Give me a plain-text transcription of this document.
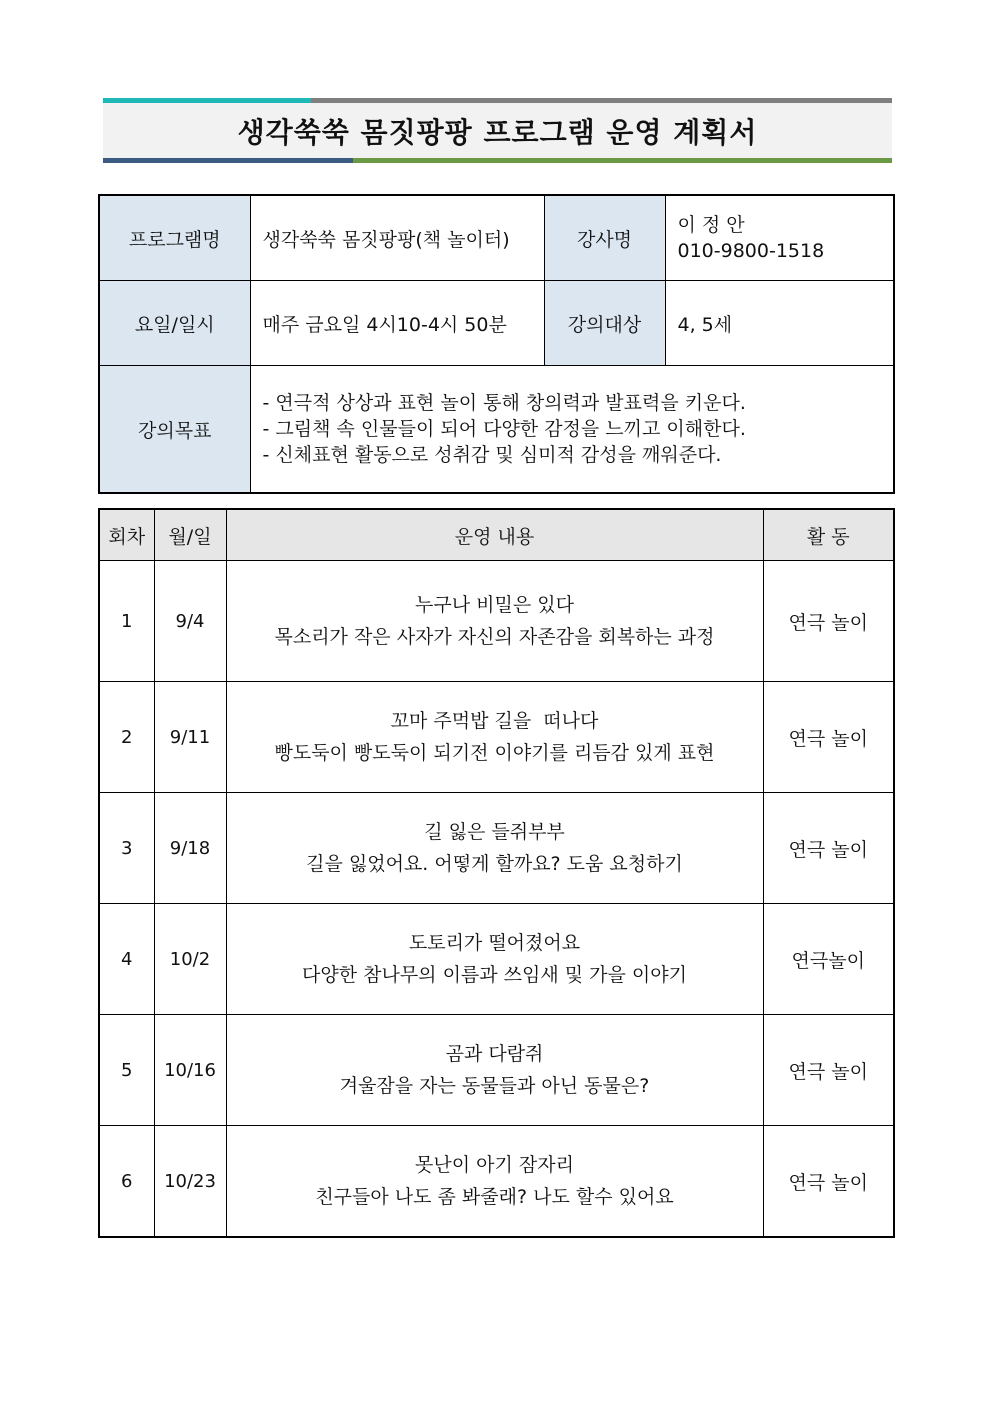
생각쑥쑥 몸짓팡팡 프로그램 운영 계획서
프로그램명	생각쑥쑥 몸짓팡팡(책 놀이터)	강사명	이 정 안
010-9800-1518

요일/일시	매주 금요일 4시10-4시 50분	강의대상	4, 5세
강의목표	- 연극적 상상과 표현 놀이 통해 창의력과 발표력을 키운다.
- 그림책 속 인물들이 되어 다양한 감정을 느끼고 이해한다.
- 신체표현 활동으로 성취감 및 심미적 감성을 깨워준다.		
회차	월/일	운영 내용	활 동
1	9/4	누구나 비밀은 있다
목소리가 작은 사자가 자신의 자존감을 회복하는 과정	연극 놀이
2	9/11	꼬마 주먹밥 길을  떠나다
빵도둑이 빵도둑이 되기전 이야기를 리듬감 있게 표현	연극 놀이
3	9/18	길 잃은 들쥐부부
길을 잃었어요. 어떻게 할까요? 도움 요청하기	연극 놀이
4	10/2	도토리가 떨어졌어요
다양한 참나무의 이름과 쓰임새 및 가을 이야기	연극놀이
5	10/16	곰과 다람쥐
겨울잠을 자는 동물들과 아닌 동물은?	연극 놀이
6	10/23	못난이 아기 잠자리
친구들아 나도 좀 봐줄래? 나도 할수 있어요	연극 놀이
